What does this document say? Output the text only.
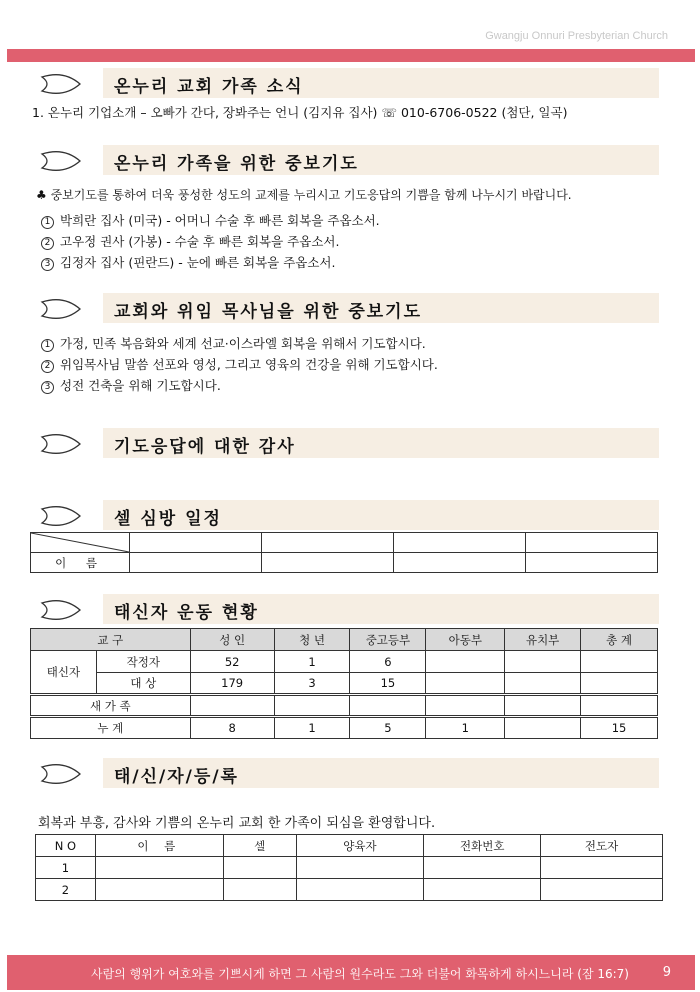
Gwangju Onnuri Presbyterian Church
온누리 교회 가족 소식
1. 온누리 기업소개 – 오빠가 간다, 장봐주는 언니 (김지유 집사) ☏ 010-6706-0522 (첨단, 일곡)
온누리 가족을 위한 중보기도
♣ 중보기도를 통하여 더욱 풍성한 성도의 교제를 누리시고 기도응답의 기쁨을 함께 나누시기 바랍니다.
1 박희란 집사 (미국) - 어머니 수술 후 빠른 회복을 주옵소서.
2 고우정 권사 (가봉) - 수술 후 빠른 회복을 주옵소서.
3 김정자 집사 (핀란드) - 눈에 빠른 회복을 주옵소서.
교회와 위임 목사님을 위한 중보기도
1 가정, 민족 복음화와 세계 선교·이스라엘 회복을 위해서 기도합시다.
2 위임목사님 말씀 선포와 영성, 그리고 영육의 건강을 위해 기도합시다.
3 성전 건축을 위해 기도합시다.
기도응답에 대한 감사
셀 심방 일정

이 름				
태신자 운동 현황
교 구		성 인	청 년	중고등부	아동부	유치부	총 계
태신자	작정자	52	1	6			
	대 상	179	3	15			
새 가 족							
누 계		8	1	5	1		15
태/신/자/등/록
회복과 부흥, 감사와 기쁨의 온누리 교회 한 가족이 되심을 환영합니다.
N O	이 름	셀	양육자	전화번호	전도자
1					
2					
사람의 행위가 여호와를 기쁘시게 하면 그 사람의 원수라도 그와 더불어 화목하게 하시느니라 (잠 16:7)	9
